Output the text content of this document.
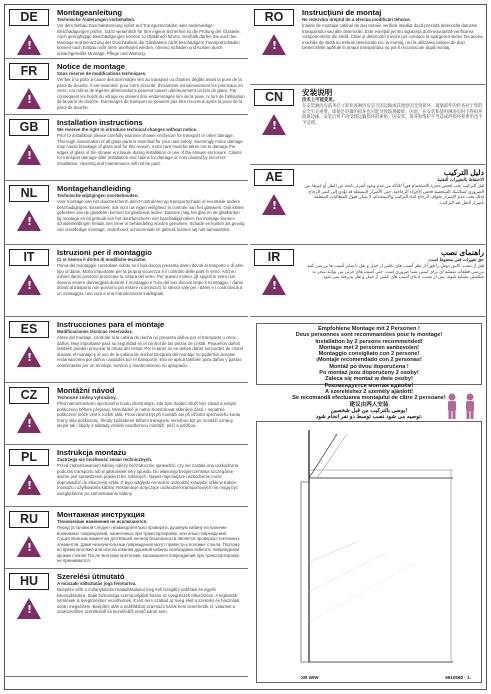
DE
!	Montageanleitung
Technische Änderungen vorbehalten.
Vor dem Einbau Duschabtrennung sofort auf Transportschäden oder anderweitige Beschädigungen prüfen. Ganz wesentlich für Ihre eigene Sicherheit ist die Prüfung der Glasteile. Auch geringfügige Beschädigungen können zu Glasbruch führen. Deshalb dürfen Sie auch bei Montage und Benutzung der Duschkabine die Glaskanten nicht beschädigen! Transportschäden können nach Einbau nicht mehr anerkannt werden, ebenso Schäden und Kosten durch unsachgemäße Montage, Pflege und Wartung.
FR
!	Notice de montage
Sous réserve de modifications techniques.
Vérifier à la paroi à cause des dommages liés au transport ou d'autres dégâts avant la pose de la paroi de douche. Il est essentiel, pour votre sécurité, d'examiner minutieusement les panneaux en verre, car même de légères détériorations peuvent causer ultérieurement un bris de glace. Par conséquent les bords du vitrage ne doivent être endommagés lors de la pose, ni lors de l'utilisation de la paroi de douche. Dommages de transport ne peuvent pas être reconnus après la pose de la paroi de douche.
GB
!	Installation instructions
We reserve the right to introduce technical changes without notice.
Prior to installation please carefully examine shower enclosure for transport or other damage. Thorough examination of all glass parts is essential for your own safety. Seemingly minor damage may cause breakage of glass and for this reason, extra care must be taken not to damage the edges of glass of the shower enclosure during installation or use of the shower enclosure. Claims for transport damage after installation and claims for damage or cost caused by incorrect installation, cleaning and maintenance will not be paid.
NL
!	Montagehandleiding
Technische wijzigingen voorbehouden.
Voor montage van het douchescherm direct controleren op transportschade of eventuele andere beschadigingen. Essentieel, ook voor uw eigen veiligheid, is controle van het glaswerk. Ook kleine gebreken van de glasdelen kunnen tot glasbreuk leiden. Daarom mag het glas en de glaskanten bij montage en bij gebruik van het douchescherm niet beschadigd raken. Na montage kunnen schademeldingen helaas niet meer in behandeling worden genomen. Schade en kosten als gevolg van onvolledige montage, onderhoud, schoonmaak en gebruik kunnen wij niet aanvaarden.
IT
!	Istruzioni per il montaggio
Ci si riserva il diritto di modifiche tecniche.
Prima del montaggio controllare subito se il box doccia presenta danni dovuti al trasporto o di altro tipo di danni. Molto importante per la propria sicurezza è il controllo delle parti in vetro. Anche i minimi danni possono provocare la rottura del vetro. Per questo motivo, gli spigoli in vetro non devono essere danneggiati durante il montaggio e l'uso del box doccia! Dopo il montaggio, i danni dovuti al trasporto non possono più essere riconosciuti, lo stesso vale per i danni e i costi dovuti a un montaggio, una cura e una manutenzione inadeguati.
ES
!	Instrucciones para el montaje
Modificaciones técnicas reservadas.
Antes del montaje, controlar si la cabina de ducha no presenta daños por el transporte u otros daños. Muy importante para su seguridad es el control de las piezas de cristal. Pequeños daños también pueden provocar la rotura del cristal. Por lo tanto no se deben dañar los bordes de cristal durante el montaje y el uso de la cabina de ducha! Después del montaje no podemos aceptar reclamaciones por daños causados por el transporte. Eso se aplica también para daños y gastos ocasionados por un montaje, servicio y mantenimiento no apropiado.
CZ
!	Montážní návod
Technické změny vyhrazeny.
Před namontováním sprchového koutu zkontrolujte, zda bylo dodaní zboží bez závad a nebylo poškozeno během přepravy. Mimořádně je nutné zkontrolovat skleněné části. I nepatrné poškození může vést k rozbití skla. Proto nesmí být při montáži ani při užívání sprchového koutu hrany skla poškozeny. Škody způsobené během transportu nemohou být po montáži uznány, stejně tak i škody a náklady vzniklé neodbornou montáží, péčí a údržbou.
PL
!	Instrukcja montażu
Zastrzega się możliwość zmian technicznych.
Przed zamontowaniem kabiny należy bezzwłocznie sprawdzić, czy nie została ona uszkodzona podczas transportu lub w jakikolwiek inny sposób. Do własnego bezpieczeństwa szczególnie ważne jest sprawdzenie powierzchni szklanych. Nawet najmniejsze uszkodzenie może doprowadzić do stłuczenia szkła. Z tego względu nie wolno uszkodzić krawędzi szkła w trakcie montażu i użytkowania kabiny. Reklamacje dotyczące uszkodzeń transportowych nie mogą być uwzględnione po zamontowaniu kabiny.
RU
!	Монтажная инструкция
Технические изменения не исключаются.
Перед установкой следует незамедлительно проверить душевую кабину на наличие возможных повреждений, нанесенных при транспортировке, или иных повреждений. Существенным моментом для Вашей личной безопасности является проверка стеклянных элементов. Даже незначительные повреждения могут привести к поломке стекла. Поэтому во время монтажа или использования душевой кабины необходимо избегать повреждения кромки стекла! После монтажа претензии, касающиеся повреждений при транспортировке, не принимаются.
HU
!	Szerelési útmutató
A műszaki változtatás joga fenntartva.
Beépítés előtt a zuhanykabinet haladéktalanul meg kell vizsgálni szállítási és egyéb károsodásokra. Saját biztonsága szempontjából fontos az üvegrészek ellenőrzése. A legkisebb sérülések is üvegtöréshez vezethetnek. Ezért nem szabad az üveg éleit a szerelés és használat során megsérteni. Beépítés után a szállításból származó károk nem ismerhetők el, valamint a szakszerűtlen szerelésből és kezelésből eredő károk sem.
RO
!	Instrucţiuni de montaj
Ne rezervăm dreptul de a efectua modificări tehnice.
Înainte de montajul cabinei de duş trebuie verificat imediat dacă prezintă deteriorări datorate transportului sau alte deteriorări. Este esenţial pentru siguranţa dumneavoastră verificarea componentelor din sticlă. Chiar şi deteriorări minore pot conduce la spargerea sticlei. De aceea, muchiile de sticlă nu trebuie deteriorate nici la montaj, nici la utilizarea cabinei de duş! Deteriorările apărute în timpul transportului nu pot fi recunoscute după montaj.
CN
!	安装说明
技术上可能变更。
在安装淋浴房前务必立即检查淋浴房是否因运输或其他原因受到损坏。玻璃部件的检查对于您的安全至关重要。即使是轻微的损坏也可能导致玻璃破碎。因此，在安装和使用淋浴房时不得损坏玻璃边缘。安装后将不再受理运输损坏的索赔，因安装、保养和维护不当造成的损坏和费用也不予受理。
AE
!	دليل التركيب
الاحتفاظ بالتغييرات التقنية
قبل التركيب يجب فحص حجرة الاستحمام فوراً للتأكد من عدم وجود أضرار ناتجة عن النقل أو غيرها. من الضروري لسلامتك الشخصية فحص الأجزاء الزجاجية. حتى الأضرار البسيطة قد تؤدي إلى كسر الزجاج. لذلك يجب عدم الإضرار بحواف الزجاج أثناء التركيب والاستخدام. لا يمكن قبول المطالبات المتعلقة بأضرار النقل بعد التركيب.
IR
!	راهنمای نصب
حق تغییرات فنی محفوظ است.
قبل از نصب، کابین دوش را فوراً از نظر آسیب های ناشی از حمل و نقل یا سایر آسیب ها بررسی کنید. بررسی قطعات شیشه ای برای ایمنی شما ضروری است. حتی آسیب های جزئی می توانند منجر به شکستن شیشه شوند. پس از نصب، ادعای آسیب های ناشی از حمل و نقل پذیرفته نمی شود.
Empfohlene Montage mit 2 Personen !
Deux personnes sont recommandées pour le montage!
Installation by 2 persons recommended!
Montage met 2 personen aanbevolen!
Montaggio consigliato con 2 persone!
¡Montaje recomendado con 2 personas!
Montáž po dvou doporučena !
Po montaż jsou doporučeny 2 osoby!
Zaleca się montaż w dwie osoby!
Рекомендуется монтаж вдвоём!
A szereléshez 2 személy ajánlott!
Se recomandă efectuarea montajului de către 2 persoane!
建议由两人安装
يوصى بالتركيب من قبل شخصين!
توصیه می شود نصب توسط دو نفر انجام شود.
XB WIW	6910560 - 1.
